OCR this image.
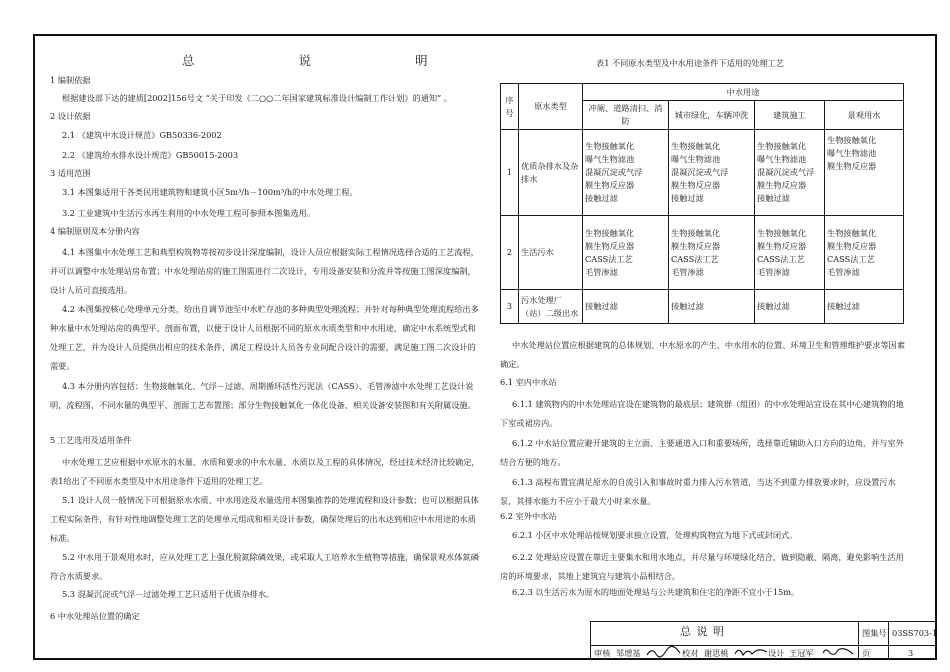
总 说 明
1 编制依据
根据建设部下达的建质[2002]156号文 “关于印发《二○○二年国家建筑标准设计编制工作计划》的通知” 。
2 设计依据
2.1 《建筑中水设计规范》GB50336-2002
2.2 《建筑给水排水设计规范》GB50015-2003
3 适用范围
3.1 本图集适用于各类民用建筑物和建筑小区5m³/h－100m³/h的中水处理工程。
3.2 工业建筑中生活污水再生利用的中水处理工程可参照本图集选用。
4 编制原则及本分册内容
4.1 本图集中水处理工艺和典型构筑物等按初步设计深度编制，设计人员应根据实际工程情况选择合适的工艺流程，并可以调整中水处理站房布置；中水处理站房的施工图需进行二次设计，专用设备安装和分流并等按施工图深度编制，设计人员可直接选用。
4.2 本图集按核心处理单元分类，给出自调节池至中水贮存池的多种典型处理流程；并针对每种典型处理流程给出多种水量中水处理站房的典型平、剖面布置，以便于设计人员根据不同的原水水质类型和中水用途，确定中水系统型式和处理工艺，并为设计人员提供出相应的技术条件，满足工程设计人员各专业间配合设计的需要，满足施工图二次设计的需要。
4.3 本分册内容包括：生物接触氧化、气浮－过滤、周期循环活性污泥法（CASS）、毛管渗滤中水处理工艺设计说明，流程图，不同水量的典型平、剖面工艺布置图；部分生物接触氧化一体化设备、相关设备安装图和有关附属设施。
5 工艺选用及适用条件
中水处理工艺应根据中水原水的水量、水质和要求的中水水量、水质以及工程的具体情况，经过技术经济比较确定，表1给出了不同原水类型及中水用途条件下适用的处理工艺。
5.1 设计人员一般情况下可根据原水水质、中水用途及水量选用本图集推荐的处理流程和设计参数；也可以根据具体工程实际条件，有针对性地调整处理工艺的处理单元组成和相关设计参数，确保处理后的出水达到相应中水用途的水质标准。
5.2 中水用于景观用水时，应从处理工艺上强化脱氮除磷效果，或采取人工培养水生植物等措施，确保景观水体氮磷符合水质要求。
5.3 混凝沉淀或气浮－过滤处理工艺只适用于优质杂排水。
6 中水处理站位置的确定
表1 不同原水类型及中水用途条件下适用的处理工艺
序号	原水类型	中水用途			
		冲厕、道路清扫、消防	城市绿化，车辆冲洗	建筑施工	景观用水
1	优质杂排水及杂排水	生物接触氧化
曝气生物滤池
混凝沉淀或气浮
膜生物反应器
接触过滤	生物接触氧化
曝气生物滤池
混凝沉淀或气浮
膜生物反应器
接触过滤	生物接触氧化
曝气生物滤池
混凝沉淀或气浮
膜生物反应器
接触过滤	生物接触氧化
曝气生物滤池
膜生物反应器

2	生活污水	生物接触氧化
膜生物反应器
CASS法工艺
毛管渗滤	生物接触氧化
膜生物反应器
CASS法工艺
毛管渗滤	生物接触氧化
膜生物反应器
CASS法工艺
毛管渗滤	生物接触氧化
膜生物反应器
CASS法工艺
毛管渗滤

3	污水处理厂（站）二级出水	接触过滤	接触过滤	接触过滤	接触过滤
中水处理站位置应根据建筑的总体规划、中水原水的产生、中水用水的位置、环境卫生和管理维护要求等因素确定。
6.1 室内中水站
6.1.1 建筑物内的中水处理站宜设在建筑物的最底层；建筑群（组团）的中水处理站宜设在其中心建筑物的地下室或裙房内。
6.1.2 中水站位置应避开建筑的主立面、主要通道入口和重要场所，选择靠近辅助入口方向的边角，并与室外结合方便的地方。
6.1.3 高程布置宜满足原水的自流引入和事故时重力排入污水管道，当达不到重力排放要求时，应设置污水泵，其排水能力不应小于最大小时来水量。
6.2 室外中水站
6.2.1 小区中水处理站按规划要求独立设置，处理构筑物宜为地下式或封闭式。
6.2.2 处理站应设置在靠近主要集水和用水地点，并尽量与环境绿化结合，做到隐蔽、隔离，避免影响生活用房的环境要求，其地上建筑宜与建筑小品相结合。
6.2.3 以生活污水为原水的地面处理站与公共建筑和住宅的净距不宜小于15m。
总 说 明	图集号 03SS703-1
审核 邹增基	校对 谢思桃	设计 王冠军	页	3
